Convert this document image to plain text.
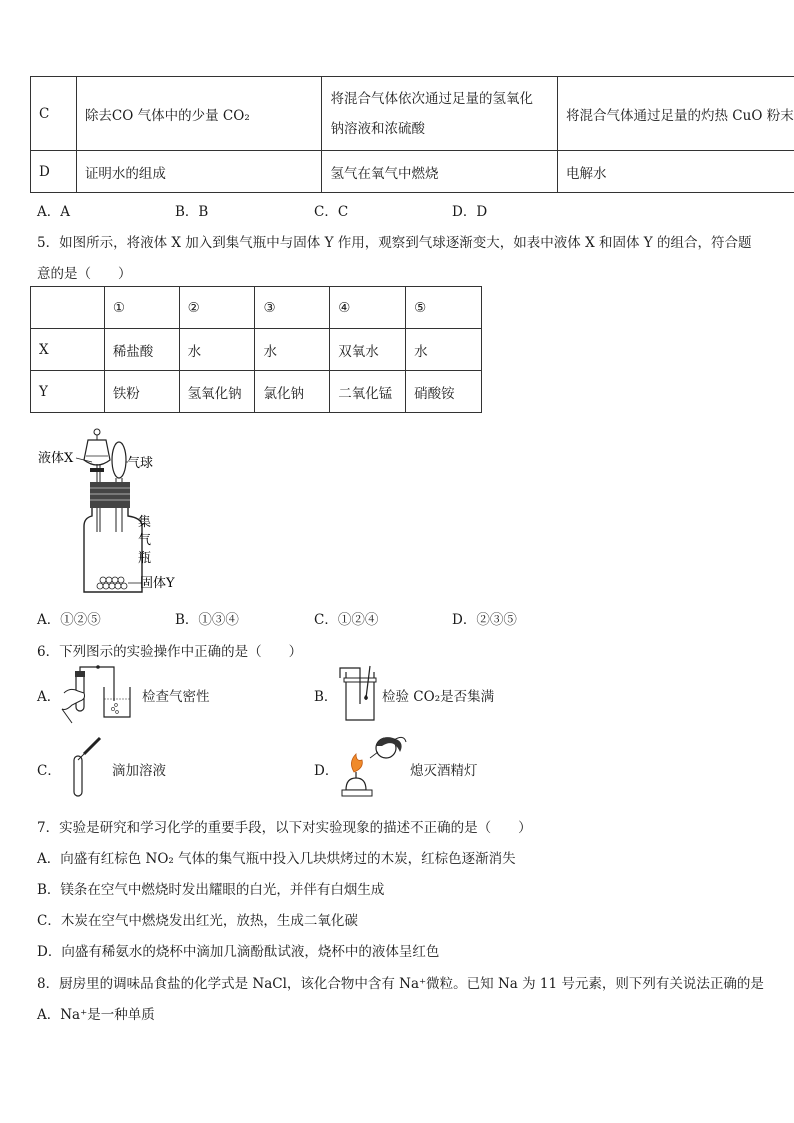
C	除去CO 气体中的少量 CO₂	将混合气体依次通过足量的氢氧化
钠溶液和浓硫酸	将混合气体通过足量的灼热 CuO 粉末
D	证明水的组成	氢气在氧气中燃烧	电解水
A．A	B．B	C．C	D．D
5．如图所示，将液体 X 加入到集气瓶中与固体 Y 作用，观察到气球逐渐变大，如表中液体 X 和固体 Y 的组合，符合题
意的是（　　）
	①	②	③	④	⑤
X	稀盐酸	水	水	双氧水	水
Y	铁粉	氢氧化钠	氯化钠	二氧化锰	硝酸铵
液体X	气球
集
气
瓶
固体Y
A．①②⑤	B．①③④	C．①②④	D．②③⑤
6．下列图示的实验操作中正确的是（　　）
A．	检查气密性	B．	检验 CO₂是否集满
C．	滴加溶液	D．	熄灭酒精灯
7．实验是研究和学习化学的重要手段，以下对实验现象的描述不正确的是（　　）
A．向盛有红棕色 NO₂ 气体的集气瓶中投入几块烘烤过的木炭，红棕色逐渐消失
B．镁条在空气中燃烧时发出耀眼的白光，并伴有白烟生成
C．木炭在空气中燃烧发出红光，放热，生成二氧化碳
D．向盛有稀氨水的烧杯中滴加几滴酚酞试液，烧杯中的液体呈红色
8．厨房里的调味品食盐的化学式是 NaCl，该化合物中含有 Na⁺微粒。已知 Na 为 11 号元素，则下列有关说法正确的是
A．Na⁺是一种单质
